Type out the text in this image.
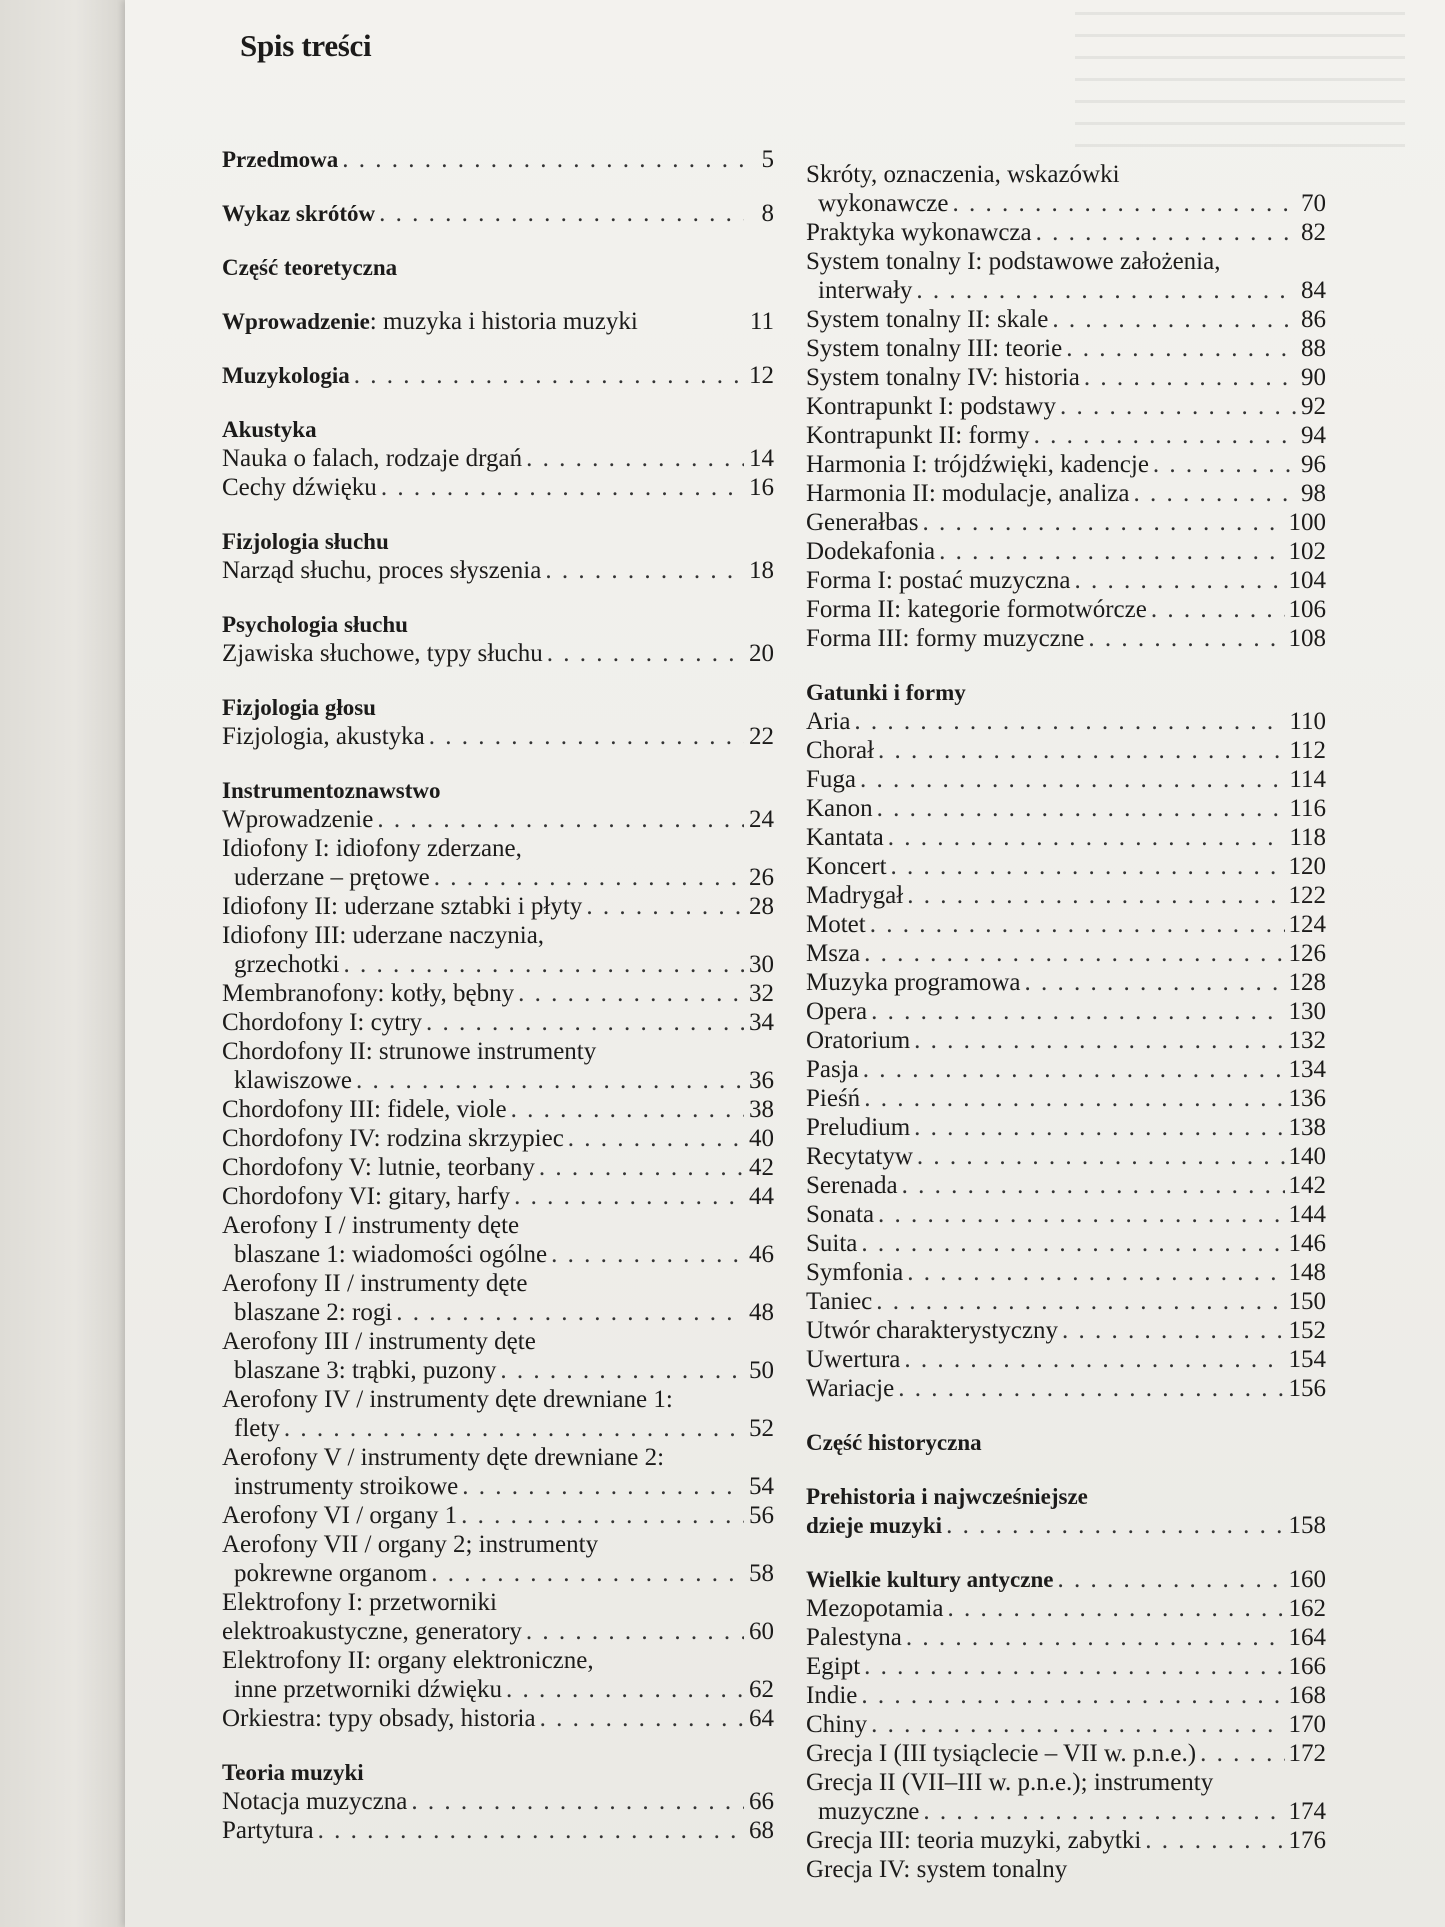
Spis treści
Przedmowa . . .	5
Wykaz skrótów . . .	8
Część teoretyczna
Wprowadzenie: muzyka i historia muzyki	11
Muzykologia . . .	12
Akustyka
Nauka o falach, rodzaje drgań . . .	14
Cechy dźwięku . . .	16
Fizjologia słuchu
Narząd słuchu, proces słyszenia . . .	18
Psychologia słuchu
Zjawiska słuchowe, typy słuchu . . .	20
Fizjologia głosu
Fizjologia, akustyka . . .	22
Instrumentoznawstwo
Wprowadzenie . . .	24
Idiofony I: idiofony zderzane,
uderzane – prętowe . . .	26
Idiofony II: uderzane sztabki i płyty . . .	28
Idiofony III: uderzane naczynia,
grzechotki . . .	30
Membranofony: kotły, bębny . . .	32
Chordofony I: cytry . . .	34
Chordofony II: strunowe instrumenty
klawiszowe . . .	36
Chordofony III: fidele, viole . . .	38
Chordofony IV: rodzina skrzypiec . . .	40
Chordofony V: lutnie, teorbany . . .	42
Chordofony VI: gitary, harfy . . .	44
Aerofony I / instrumenty dęte
blaszane 1: wiadomości ogólne . . .	46
Aerofony II / instrumenty dęte
blaszane 2: rogi . . .	48
Aerofony III / instrumenty dęte
blaszane 3: trąbki, puzony . . .	50
Aerofony IV / instrumenty dęte drewniane 1:
flety . . .	52
Aerofony V / instrumenty dęte drewniane 2:
instrumenty stroikowe . . .	54
Aerofony VI / organy 1 . . .	56
Aerofony VII / organy 2; instrumenty
pokrewne organom . . .	58
Elektrofony I: przetworniki
elektroakustyczne, generatory . . .	60
Elektrofony II: organy elektroniczne,
inne przetworniki dźwięku . . .	62
Orkiestra: typy obsady, historia . . .	64
Teoria muzyki
Notacja muzyczna . . .	66
Partytura . . .	68
Skróty, oznaczenia, wskazówki
wykonawcze . . .	70
Praktyka wykonawcza . . .	82
System tonalny I: podstawowe założenia,
interwały . . .	84
System tonalny II: skale . . .	86
System tonalny III: teorie . . .	88
System tonalny IV: historia . . .	90
Kontrapunkt I: podstawy . . .	92
Kontrapunkt II: formy . . .	94
Harmonia I: trójdźwięki, kadencje . . .	96
Harmonia II: modulacje, analiza . . .	98
Generałbas . . .	100
Dodekafonia . . .	102
Forma I: postać muzyczna . . .	104
Forma II: kategorie formotwórcze . . .	106
Forma III: formy muzyczne . . .	108
Gatunki i formy
Aria . . .	110
Chorał . . .	112
Fuga . . .	114
Kanon . . .	116
Kantata . . .	118
Koncert . . .	120
Madrygał . . .	122
Motet . . .	124
Msza . . .	126
Muzyka programowa . . .	128
Opera . . .	130
Oratorium . . .	132
Pasja . . .	134
Pieśń . . .	136
Preludium . . .	138
Recytatyw . . .	140
Serenada . . .	142
Sonata . . .	144
Suita . . .	146
Symfonia . . .	148
Taniec . . .	150
Utwór charakterystyczny . . .	152
Uwertura . . .	154
Wariacje . . .	156
Część historyczna
Prehistoria i najwcześniejsze
dzieje muzyki . . .	158
Wielkie kultury antyczne . . .	160
Mezopotamia . . .	162
Palestyna . . .	164
Egipt . . .	166
Indie . . .	168
Chiny . . .	170
Grecja I (III tysiąclecie – VII w. p.n.e.) . . .	172
Grecja II (VII–III w. p.n.e.); instrumenty
muzyczne . . .	174
Grecja III: teoria muzyki, zabytki . . .	176
Grecja IV: system tonalny
